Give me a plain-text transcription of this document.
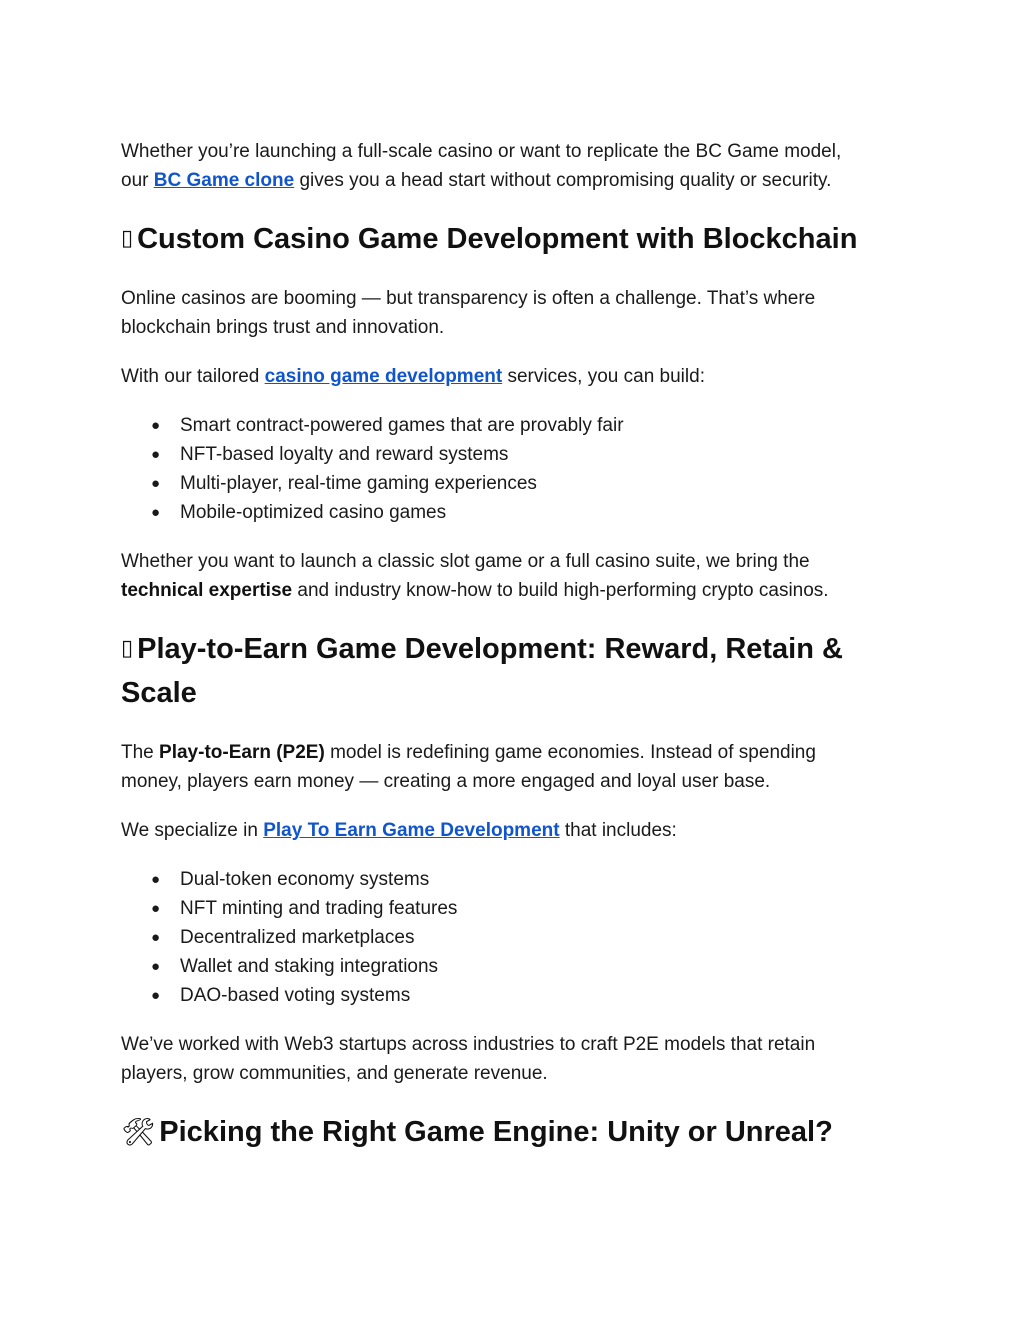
Whether you’re launching a full-scale casino or want to replicate the BC Game model,
our BC Game clone gives you a head start without compromising quality or security.

▯ Custom Casino Game Development with Blockchain

Online casinos are booming — but transparency is often a challenge. That’s where
blockchain brings trust and innovation.

With our tailored casino game development services, you can build:

● Smart contract-powered games that are provably fair
● NFT-based loyalty and reward systems
● Multi-player, real-time gaming experiences
● Mobile-optimized casino games

Whether you want to launch a classic slot game or a full casino suite, we bring the
technical expertise and industry know-how to build high-performing crypto casinos.

▯ Play-to-Earn Game Development: Reward, Retain &
Scale

The Play-to-Earn (P2E) model is redefining game economies. Instead of spending
money, players earn money — creating a more engaged and loyal user base.

We specialize in Play To Earn Game Development that includes:

● Dual-token economy systems
● NFT minting and trading features
● Decentralized marketplaces
● Wallet and staking integrations
● DAO-based voting systems

We’ve worked with Web3 startups across industries to craft P2E models that retain
players, grow communities, and generate revenue.

🛠 Picking the Right Game Engine: Unity or Unreal?
